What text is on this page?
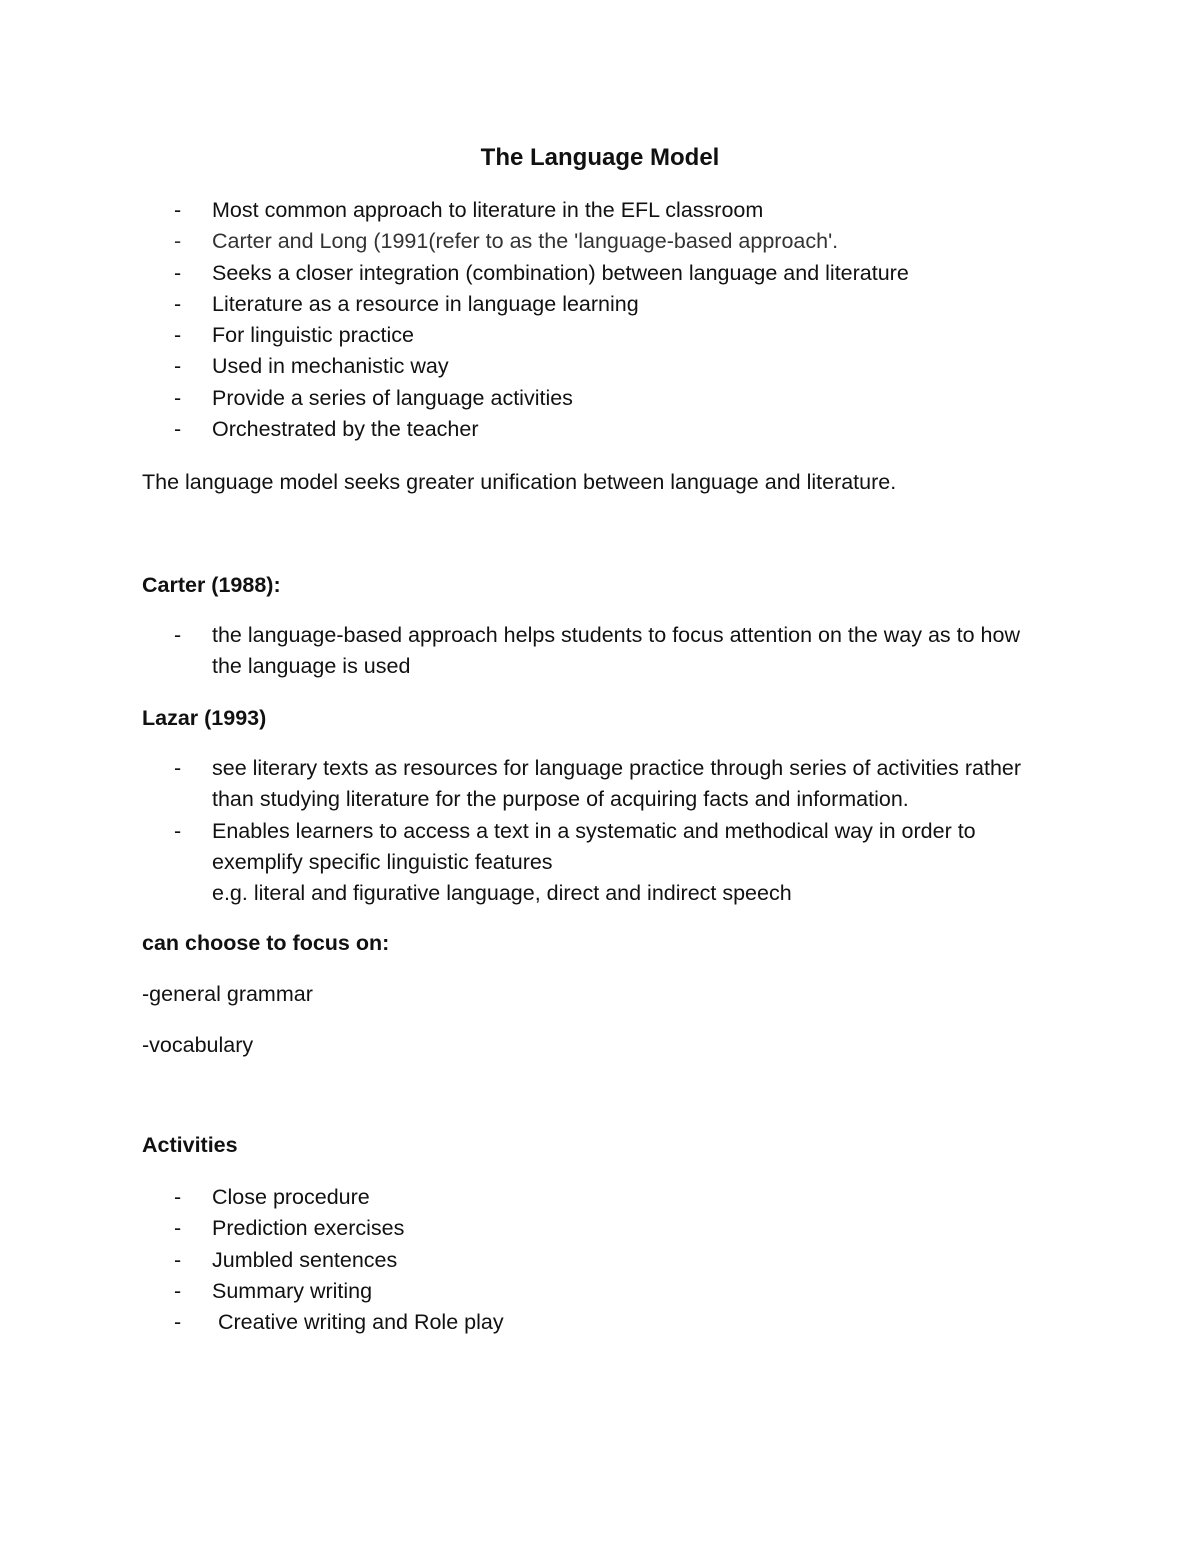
The Language Model
- Most common approach to literature in the EFL classroom
- Carter and Long (1991(refer to as the 'language-based approach'.
- Seeks a closer integration (combination) between language and literature
- Literature as a resource in language learning
- For linguistic practice
- Used in mechanistic way
- Provide a series of language activities
- Orchestrated by the teacher

The language model seeks greater unification between language and literature.

Carter (1988):
- the language-based approach helps students to focus attention on the way as to how the language is used
Lazar (1993)
- see literary texts as resources for language practice through series of activities rather than studying literature for the purpose of acquiring facts and information.
- Enables learners to access a text in a systematic and methodical way in order to exemplify specific linguistic features
e.g. literal and figurative language, direct and indirect speech
can choose to focus on:

-general grammar

-vocabulary

Activities
- Close procedure
- Prediction exercises
- Jumbled sentences
- Summary writing
- Creative writing and Role play
